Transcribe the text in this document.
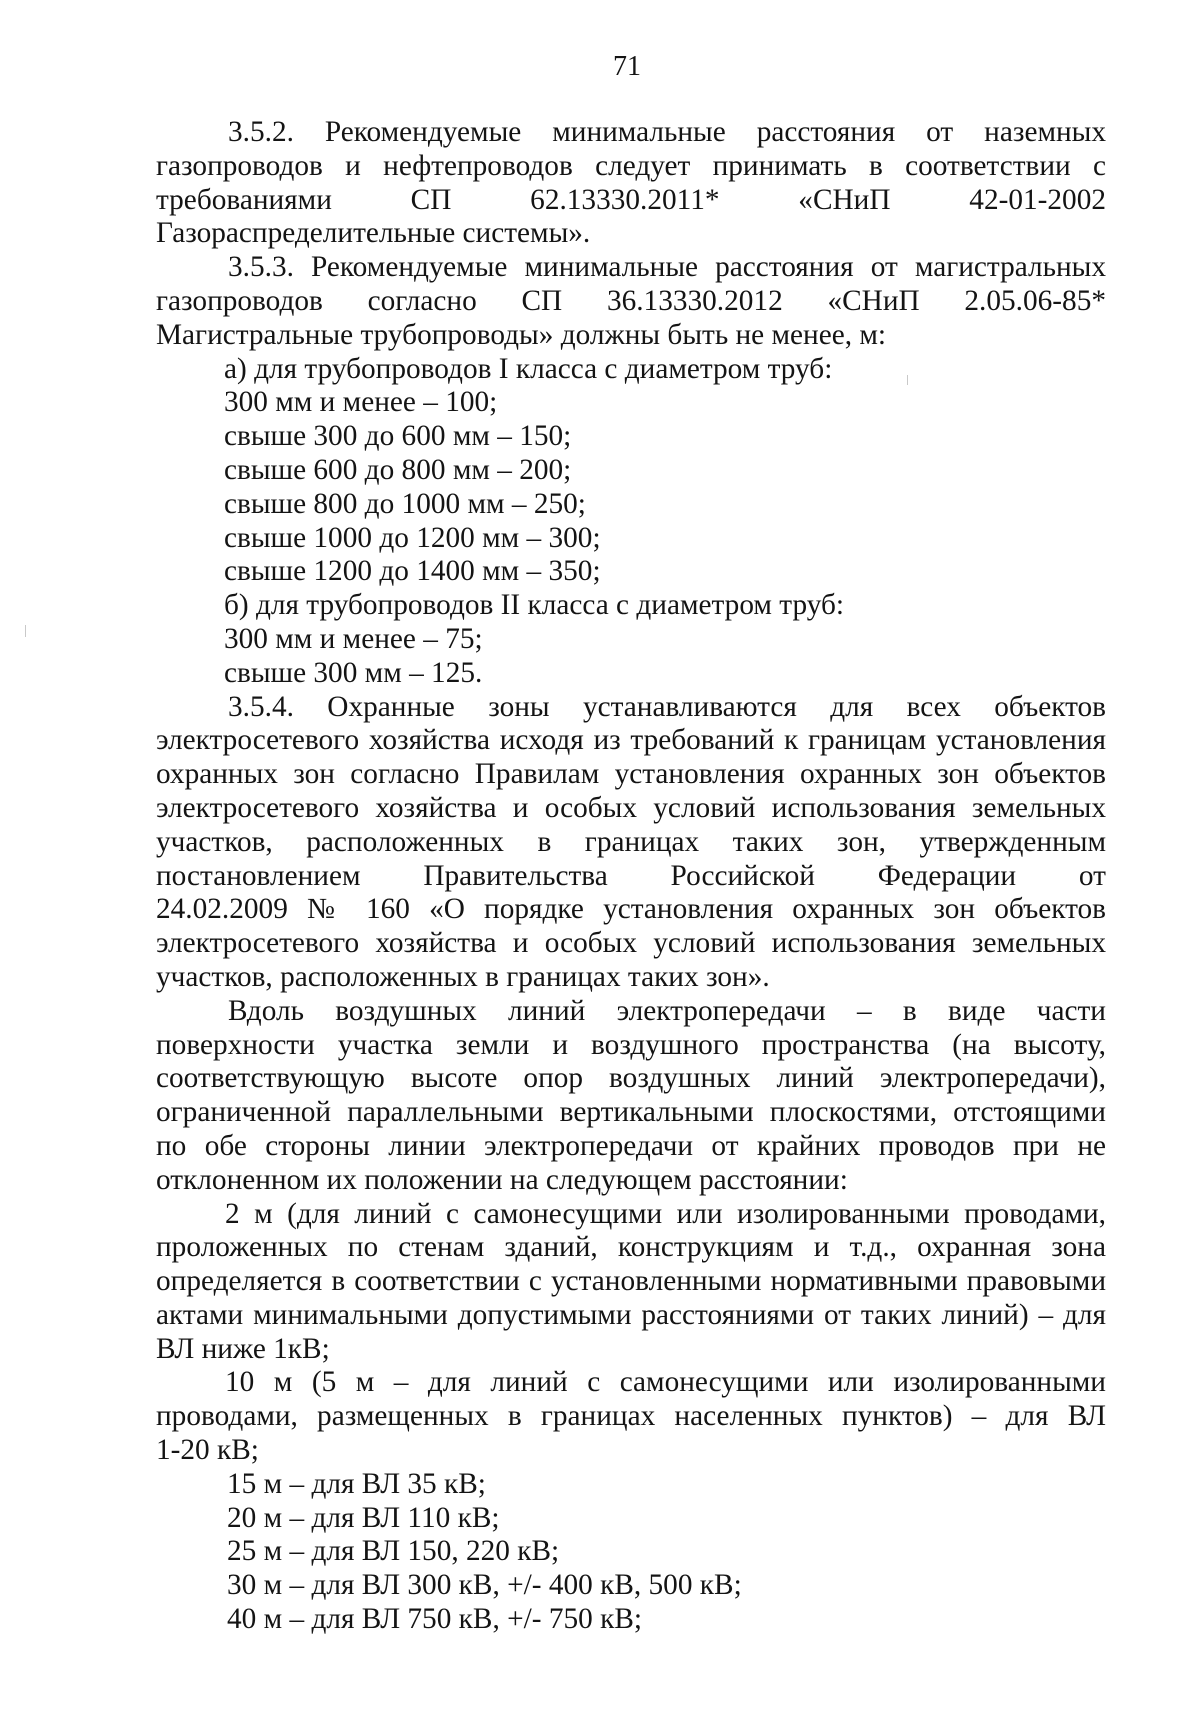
71
3.5.2. Рекомендуемые минимальные расстояния от наземных
газопроводов и нефтепроводов следует принимать в соответствии с
требованиями СП 62.13330.2011* «СНиП 42-01-2002
Газораспределительные системы».
3.5.3. Рекомендуемые минимальные расстояния от магистральных
газопроводов согласно СП 36.13330.2012 «СНиП 2.05.06-85*
Магистральные трубопроводы» должны быть не менее, м:
а) для трубопроводов I класса с диаметром труб:
300 мм и менее – 100;
свыше 300 до 600 мм – 150;
свыше 600 до 800 мм – 200;
свыше 800 до 1000 мм – 250;
свыше 1000 до 1200 мм – 300;
свыше 1200 до 1400 мм – 350;
б) для трубопроводов II класса с диаметром труб:
300 мм и менее – 75;
свыше 300 мм – 125.
3.5.4. Охранные зоны устанавливаются для всех объектов
электросетевого хозяйства исходя из требований к границам установления
охранных зон согласно Правилам установления охранных зон объектов
электросетевого хозяйства и особых условий использования земельных
участков, расположенных в границах таких зон, утвержденным
постановлением Правительства Российской Федерации от
24.02.2009 № 160 «О порядке установления охранных зон объектов
электросетевого хозяйства и особых условий использования земельных
участков, расположенных в границах таких зон».
Вдоль воздушных линий электропередачи – в виде части
поверхности участка земли и воздушного пространства (на высоту,
соответствующую высоте опор воздушных линий электропередачи),
ограниченной параллельными вертикальными плоскостями, отстоящими
по обе стороны линии электропередачи от крайних проводов при не
отклоненном их положении на следующем расстоянии:
2 м (для линий с самонесущими или изолированными проводами,
проложенных по стенам зданий, конструкциям и т.д., охранная зона
определяется в соответствии с установленными нормативными правовыми
актами минимальными допустимыми расстояниями от таких линий) – для
ВЛ ниже 1кВ;
10 м (5 м – для линий с самонесущими или изолированными
проводами, размещенных в границах населенных пунктов) – для ВЛ
1-20 кВ;
15 м – для ВЛ 35 кВ;
20 м – для ВЛ 110 кВ;
25 м – для ВЛ 150, 220 кВ;
30 м – для ВЛ 300 кВ, +/- 400 кВ, 500 кВ;
40 м – для ВЛ 750 кВ, +/- 750 кВ;
